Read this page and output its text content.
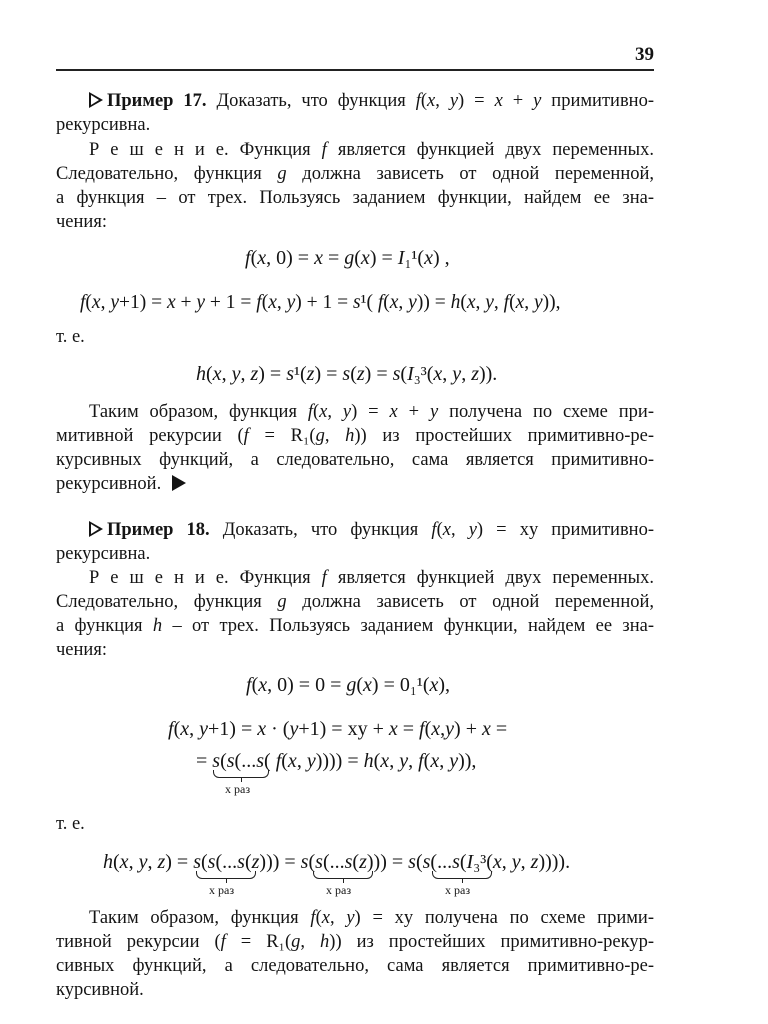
39
Пример 17. Доказать, что функция f(x, y) = x + y примитивно-
рекурсивна.
Р е ш е н и е. Функция f является функцией двух переменных.
Следовательно, функция g должна зависеть от одной переменной,
а функция – от трех. Пользуясь заданием функции, найдем ее зна-
чения:
f(x, 0) = x = g(x) = I₁¹(x) ,
f(x, y+1) = x + y + 1 = f(x, y) + 1 = s¹( f(x, y)) = h(x, y, f(x, y)),
т. е.
h(x, y, z) = s¹(z) = s(z) = s(I₃³(x, y, z)).
Таким образом, функция f(x, y) = x + y получена по схеме при-
митивной рекурсии (f = R₁(g, h)) из простейших примитивно-ре-
курсивных функций, а следовательно, сама является примитивно-
рекурсивной.
Пример 18. Доказать, что функция f(x, y) = xy примитивно-
рекурсивна.
Р е ш е н и е. Функция f является функцией двух переменных.
Следовательно, функция g должна зависеть от одной переменной,
а функция h – от трех. Пользуясь заданием функции, найдем ее зна-
чения:
f(x, 0) = 0 = g(x) = 0₁¹(x),
f(x, y+1) = x · (y+1) = xy + x = f(x,y) + x =
= s(s(...s( f(x, y)))) = h(x, y, f(x, y)),
x раз
т. е.
h(x, y, z) = s(s(...s(z))) = s(s(...s(z))) = s(s(...s(I₃³(x, y, z)))).
x раз	x раз	x раз
Таким образом, функция f(x, y) = xy получена по схеме прими-
тивной рекурсии (f = R₁(g, h)) из простейших примитивно-рекур-
сивных функций, а следовательно, сама является примитивно-ре-
курсивной.
